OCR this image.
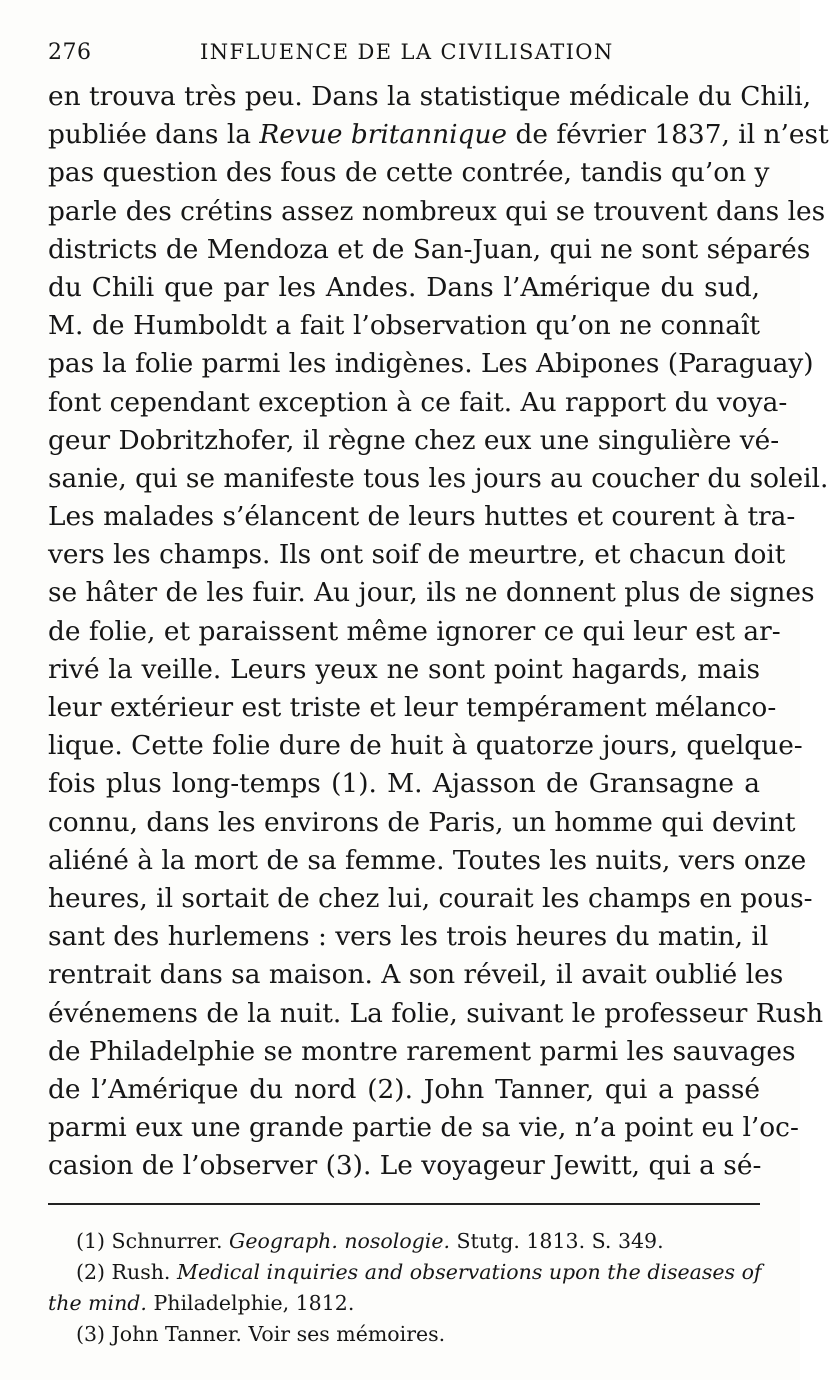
276	INFLUENCE DE LA CIVILISATION
en trouva très peu. Dans la statistique médicale du Chili,
publiée dans la Revue britannique de février 1837, il n’est
pas question des fous de cette contrée, tandis qu’on y
parle des crétins assez nombreux qui se trouvent dans les
districts de Mendoza et de San-Juan, qui ne sont séparés
du Chili que par les Andes. Dans l’Amérique du sud,
M. de Humboldt a fait l’observation qu’on ne connaît
pas la folie parmi les indigènes. Les Abipones (Paraguay)
font cependant exception à ce fait. Au rapport du voya-
geur Dobritzhofer, il règne chez eux une singulière vé-
sanie, qui se manifeste tous les jours au coucher du soleil.
Les malades s’élancent de leurs huttes et courent à tra-
vers les champs. Ils ont soif de meurtre, et chacun doit
se hâter de les fuir. Au jour, ils ne donnent plus de signes
de folie, et paraissent même ignorer ce qui leur est ar-
rivé la veille. Leurs yeux ne sont point hagards, mais
leur extérieur est triste et leur tempérament mélanco-
lique. Cette folie dure de huit à quatorze jours, quelque-
fois plus long-temps (1). M. Ajasson de Gransagne a
connu, dans les environs de Paris, un homme qui devint
aliéné à la mort de sa femme. Toutes les nuits, vers onze
heures, il sortait de chez lui, courait les champs en pous-
sant des hurlemens : vers les trois heures du matin, il
rentrait dans sa maison. A son réveil, il avait oublié les
événemens de la nuit. La folie, suivant le professeur Rush
de Philadelphie se montre rarement parmi les sauvages
de l’Amérique du nord (2). John Tanner, qui a passé
parmi eux une grande partie de sa vie, n’a point eu l’oc-
casion de l’observer (3). Le voyageur Jewitt, qui a sé-
(1) Schnurrer. Geograph. nosologie. Stutg. 1813. S. 349.
(2) Rush. Medical inquiries and observations upon the diseases of
the mind. Philadelphie, 1812.
(3) John Tanner. Voir ses mémoires.
